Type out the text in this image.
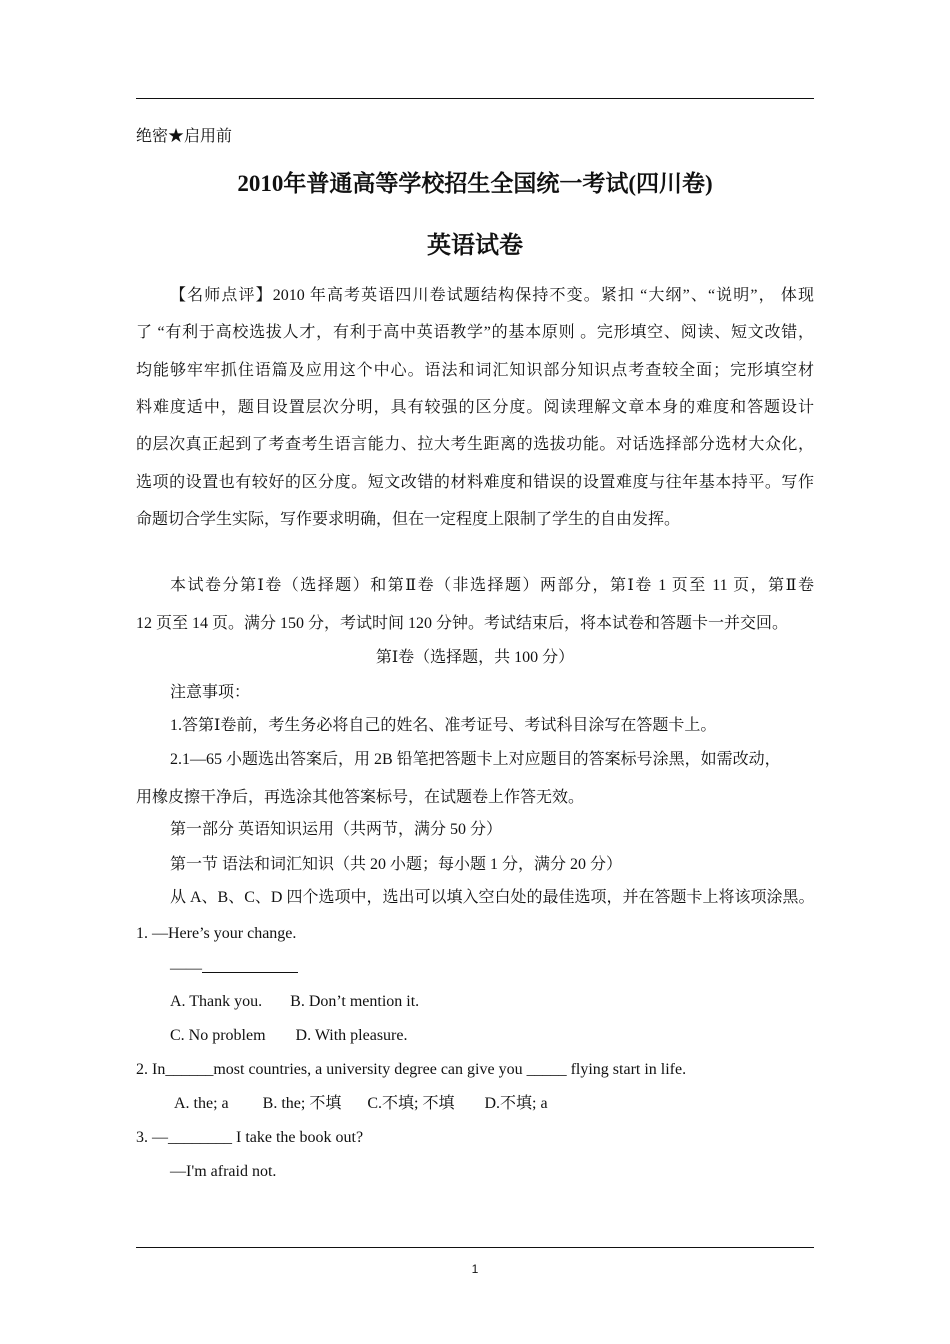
绝密★启用前
2010年普通高等学校招生全国统一考试(四川卷)
英语试卷
【名师点评】2010 年高考英语四川卷试题结构保持不变。紧扣 “大纲”、“说明”， 体现
了 “有利于高校选拔人才，有利于高中英语教学”的基本原则 。完形填空、阅读、短文改错，
均能够牢牢抓住语篇及应用这个中心。语法和词汇知识部分知识点考查较全面；完形填空材
料难度适中，题目设置层次分明，具有较强的区分度。阅读理解文章本身的难度和答题设计
的层次真正起到了考查考生语言能力、拉大考生距离的选拔功能。对话选择部分选材大众化，
选项的设置也有较好的区分度。短文改错的材料难度和错误的设置难度与往年基本持平。写作
命题切合学生实际，写作要求明确，但在一定程度上限制了学生的自由发挥。
本试卷分第Ⅰ卷（选择题）和第Ⅱ卷（非选择题）两部分，第Ⅰ卷 1 页至 11 页，第Ⅱ卷
12 页至 14 页。满分 150 分，考试时间 120 分钟。考试结束后，将本试卷和答题卡一并交回。
第Ⅰ卷（选择题，共 100 分）
注意事项：
1.答第Ⅰ卷前，考生务必将自己的姓名、准考证号、考试科目涂写在答题卡上。
2.1—65 小题选出答案后，用 2B 铅笔把答题卡上对应题目的答案标号涂黑，如需改动，
用橡皮擦干净后，再选涂其他答案标号，在试题卷上作答无效。
第一部分 英语知识运用（共两节，满分 50 分）
第一节 语法和词汇知识（共 20 小题；每小题 1 分，满分 20 分）
从 A、B、C、D 四个选项中，选出可以填入空白处的最佳选项，并在答题卡上将该项涂黑。
1. —Here’s your change.
——
A. Thank you. B. Don’t mention it.
C. No problem D. With pleasure.
2. In______most countries, a university degree can give you _____ flying start in life.
A. the; a B. the; 不填 C.不填; 不填 D.不填; a
3. —________ I take the book out?
—I'm afraid not.
1
